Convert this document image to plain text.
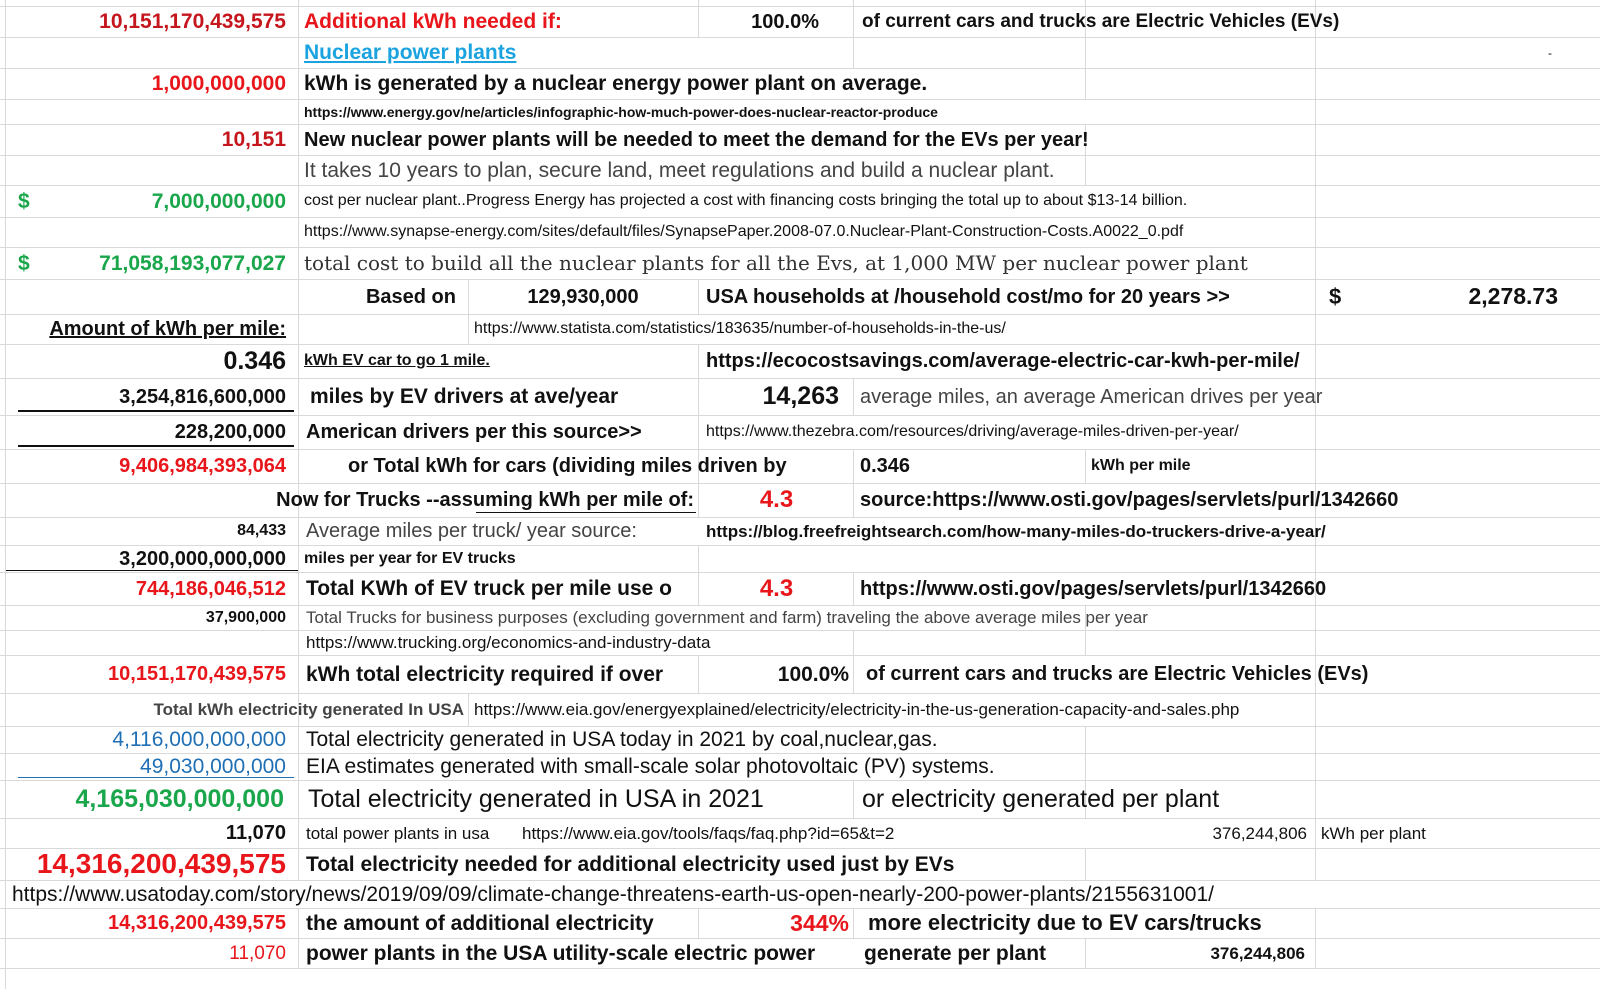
10,151,170,439,575 Additional kWh needed if:	100.0%	of current cars and trucks are Electric Vehicles (EVs)
Nuclear power plants	-
1,000,000,000 kWh is generated by a nuclear energy power plant on average.
https://www.energy.gov/ne/articles/infographic-how-much-power-does-nuclear-reactor-produce
10,151 New nuclear power plants will be needed to meet the demand for the EVs per year!
It takes 10 years to plan, secure land, meet regulations and build a nuclear plant.
$	7,000,000,000	cost per nuclear plant..Progress Energy has projected a cost with financing costs bringing the total up to about $13-14 billion.
https://www.synapse-energy.com/sites/default/files/SynapsePaper.2008-07.0.Nuclear-Plant-Construction-Costs.A0022_0.pdf
$	71,058,193,077,027 total cost to build all the nuclear plants for all the Evs, at 1,000 MW per nuclear power plant
Based on	129,930,000	USA households at /household cost/mo for 20 years >>	$	2,278.73
Amount of kWh per mile:	https://www.statista.com/statistics/183635/number-of-households-in-the-us/
0.346	kWh EV car to go 1 mile.	https://ecocostsavings.com/average-electric-car-kwh-per-mile/
3,254,816,600,000	miles by EV drivers at ave/year	14,263	average miles, an average American drives per year
228,200,000	American drivers per this source>>	https://www.thezebra.com/resources/driving/average-miles-driven-per-year/
9,406,984,393,064	or Total kWh for cars (dividing miles driven by	0.346	kWh per mile
Now for Trucks --assuming kWh per mile of:	4.3	source:https://www.osti.gov/pages/servlets/purl/1342660
84,433	Average miles per truck/ year source:	https://blog.freefreightsearch.com/how-many-miles-do-truckers-drive-a-year/
3,200,000,000,000	miles per year for EV trucks
744,186,046,512 Total KWh of EV truck per mile use o	4.3	https://www.osti.gov/pages/servlets/purl/1342660
37,900,000	Total Trucks for business purposes (excluding government and farm) traveling the above average miles per year
https://www.trucking.org/economics-and-industry-data
10,151,170,439,575 kWh total electricity required if over	100.0% of current cars and trucks are Electric Vehicles (EVs)
Total kWh electricity generated In USA https://www.eia.gov/energyexplained/electricity/electricity-in-the-us-generation-capacity-and-sales.php
4,116,000,000,000 Total electricity generated in USA today in 2021 by coal,nuclear,gas.
49,030,000,000 EIA estimates generated with small-scale solar photovoltaic (PV) systems.
4,165,030,000,000 Total electricity generated in USA in 2021	or electricity generated per plant
11,070	total power plants in usa	https://www.eia.gov/tools/faqs/faq.php?id=65&t=2	376,244,806 kWh per plant
14,316,200,439,575 Total electricity needed for additional electricity used just by EVs
https://www.usatoday.com/story/news/2019/09/09/climate-change-threatens-earth-us-open-nearly-200-power-plants/2155631001/
14,316,200,439,575 the amount of additional electricity	344% more electricity due to EV cars/trucks
11,070 power plants in the USA utility-scale electric power	generate per plant	376,244,806
